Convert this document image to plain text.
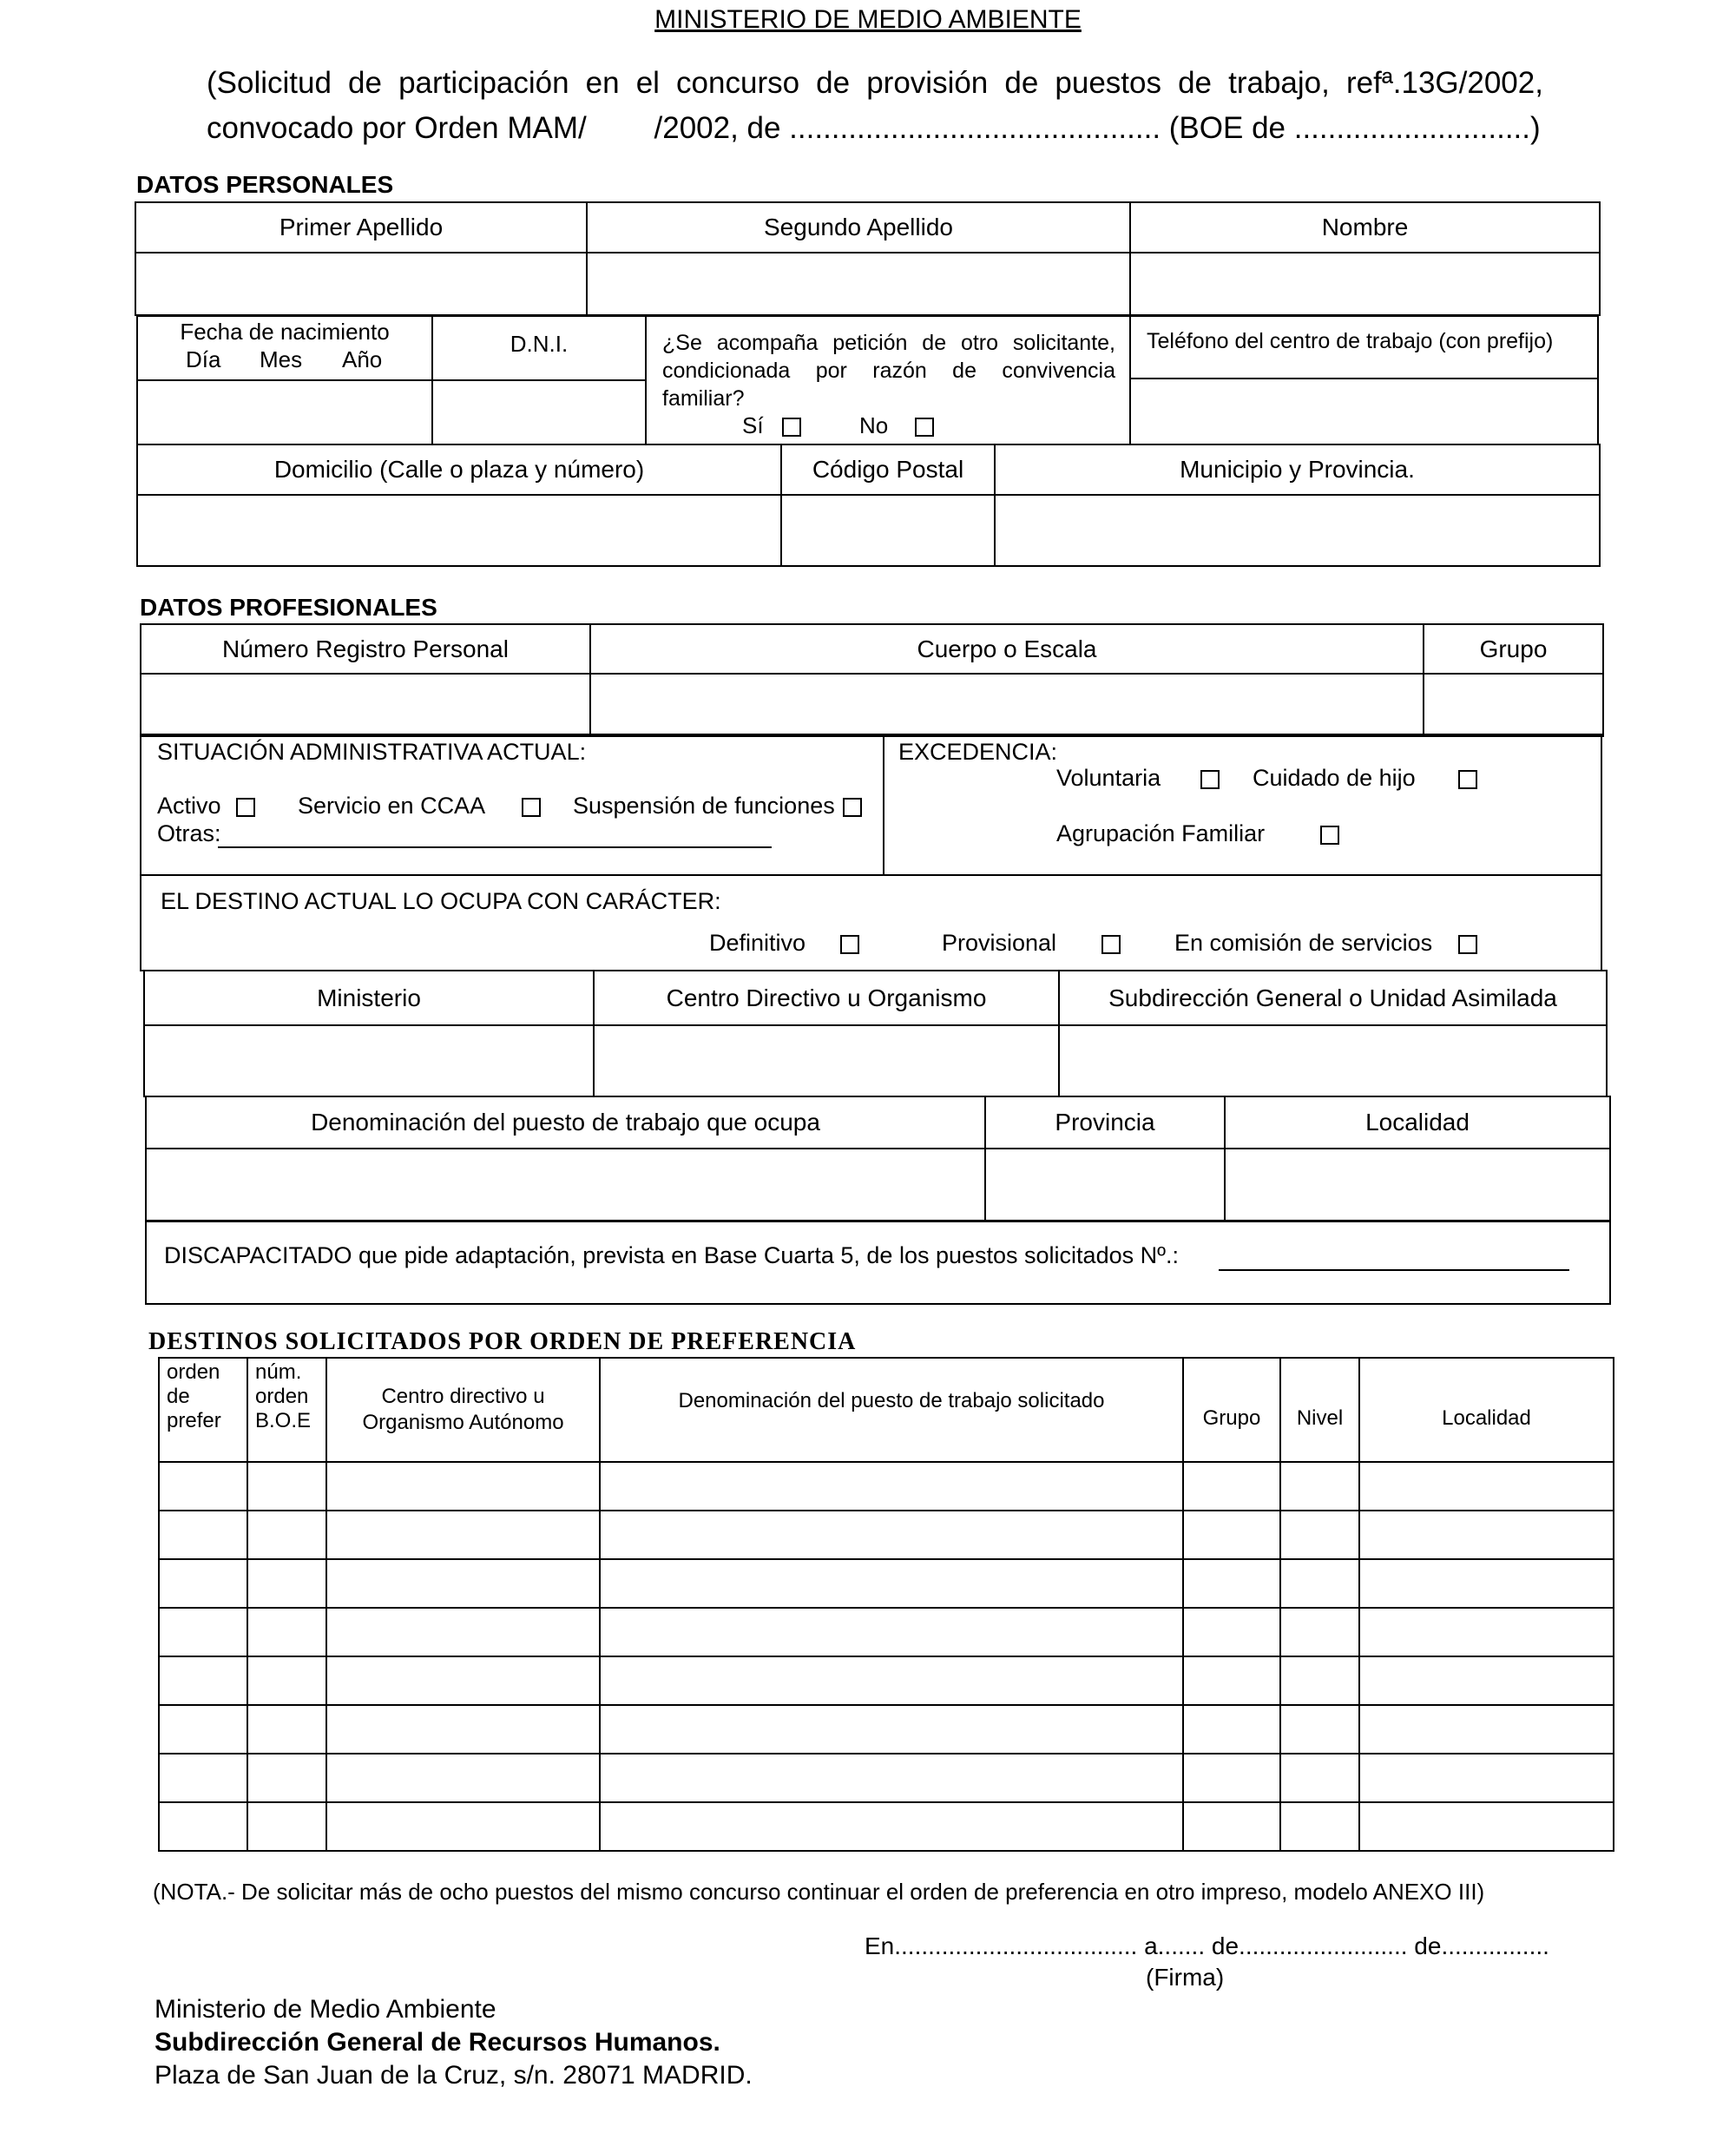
MINISTERIO DE MEDIO AMBIENTE
(Solicitud de participación en el concurso de provisión de puestos de trabajo, refª.13G/2002,
convocado por Orden MAM/        /2002, de ............................................ (BOE de ............................)
DATOS PERSONALES
Primer Apellido	Segundo Apellido	Nombre

Fecha de nacimiento
Día Mes Año
D.N.I.	¿Se acompaña petición de otro solicitante, condicionada por razón de convivencia familiar?
Sí	No
Teléfono del centro de trabajo (con prefijo)
Domicilio (Calle o plaza y número)	Código Postal	Municipio y Provincia.

DATOS PROFESIONALES
Número Registro Personal	Cuerpo o Escala	Grupo

SITUACIÓN ADMINISTRATIVA ACTUAL:
Activo	Servicio en CCAA	Suspensión de funciones
Otras:
EXCEDENCIA:
Voluntaria	Cuidado de hijo
Agrupación Familiar
EL DESTINO ACTUAL LO OCUPA CON CARÁCTER:
Definitivo	Provisional	En comisión de servicios
Ministerio	Centro Directivo u Organismo	Subdirección General o Unidad Asimilada

Denominación del puesto de trabajo que ocupa	Provincia	Localidad

DISCAPACITADO que pide adaptación, prevista en Base Cuarta 5, de los puestos solicitados Nº.:
DESTINOS SOLICITADOS POR ORDEN DE PREFERENCIA
orden de prefer	núm. orden B.O.E	Centro directivo u Organismo Autónomo	Denominación del puesto de trabajo solicitado	Grupo	Nivel	Localidad

(NOTA.- De solicitar más de ocho puestos del mismo concurso continuar el orden de preferencia en otro impreso, modelo ANEXO III)
En.................................... a....... de......................... de................
(Firma)
Ministerio de Medio Ambiente
Subdirección General de Recursos Humanos.
Plaza de San Juan de la Cruz, s/n. 28071 MADRID.
